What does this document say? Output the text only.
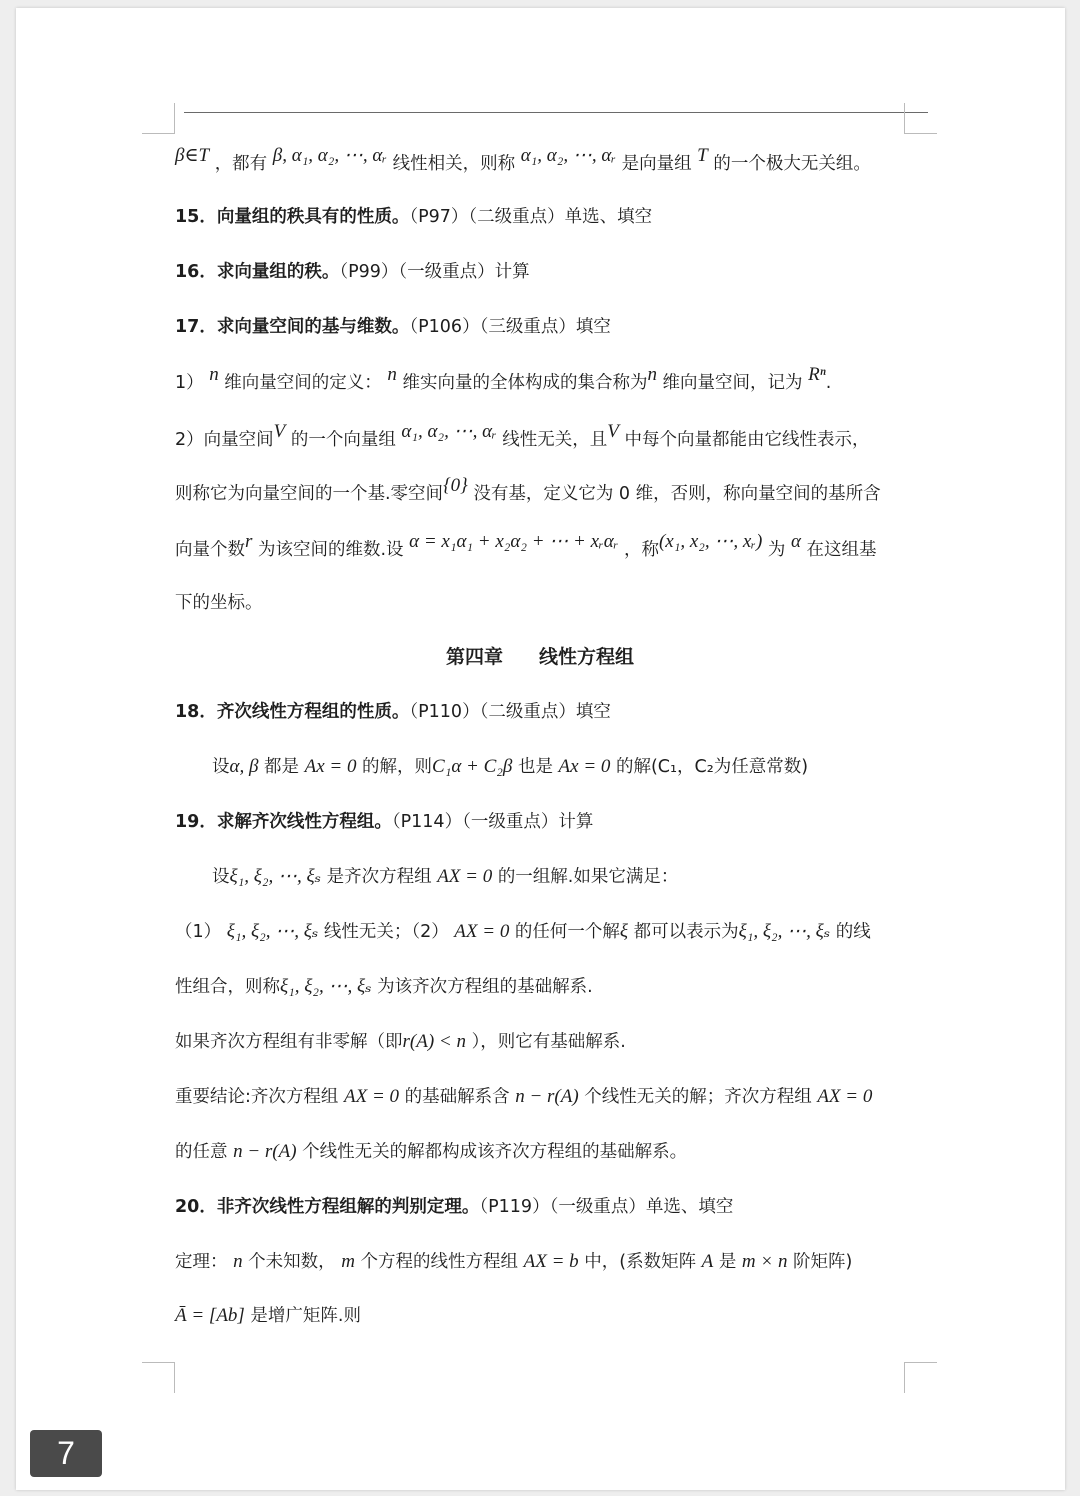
β∈T ，都有 β, α₁, α₂, ⋯, αᵣ 线性相关，则称 α₁, α₂, ⋯, αᵣ 是向量组 T 的一个极大无关组。
15．向量组的秩具有的性质。（P97）（二级重点）单选、填空
16．求向量组的秩。（P99）（一级重点）计算
17．求向量空间的基与维数。（P106）（三级重点）填空
1） n 维向量空间的定义： n 维实向量的全体构成的集合称为n 维向量空间，记为 Rⁿ.
2）向量空间V 的一个向量组 α₁, α₂, ⋯, αᵣ 线性无关，且V 中每个向量都能由它线性表示，
则称它为向量空间的一个基.零空间{0} 没有基，定义它为 0 维，否则，称向量空间的基所含
向量个数r 为该空间的维数.设 α = x₁α₁ + x₂α₂ + ⋯ + xᵣαᵣ ，称(x₁, x₂, ⋯, xᵣ) 为 α 在这组基
下的坐标。
第四章 线性方程组
18．齐次线性方程组的性质。（P110）（二级重点）填空
设α, β 都是 Ax = 0 的解，则C₁α + C₂β 也是 Ax = 0 的解(C₁，C₂为任意常数)
19．求解齐次线性方程组。（P114）（一级重点）计算
设ξ₁, ξ₂, ⋯, ξₛ 是齐次方程组 AX = 0 的一组解.如果它满足：
（1） ξ₁, ξ₂, ⋯, ξₛ 线性无关；（2） AX = 0 的任何一个解ξ 都可以表示为ξ₁, ξ₂, ⋯, ξₛ 的线
性组合，则称ξ₁, ξ₂, ⋯, ξₛ 为该齐次方程组的基础解系.
如果齐次方程组有非零解（即r(A) < n ），则它有基础解系.
重要结论:齐次方程组 AX = 0 的基础解系含 n − r(A) 个线性无关的解；齐次方程组 AX = 0
的任意 n − r(A) 个线性无关的解都构成该齐次方程组的基础解系。
20．非齐次线性方程组解的判别定理。（P119）（一级重点）单选、填空
定理： n 个未知数， m 个方程的线性方程组 AX = b 中，(系数矩阵 A 是 m × n 阶矩阵)
Ā = [Ab] 是增广矩阵.则
7
